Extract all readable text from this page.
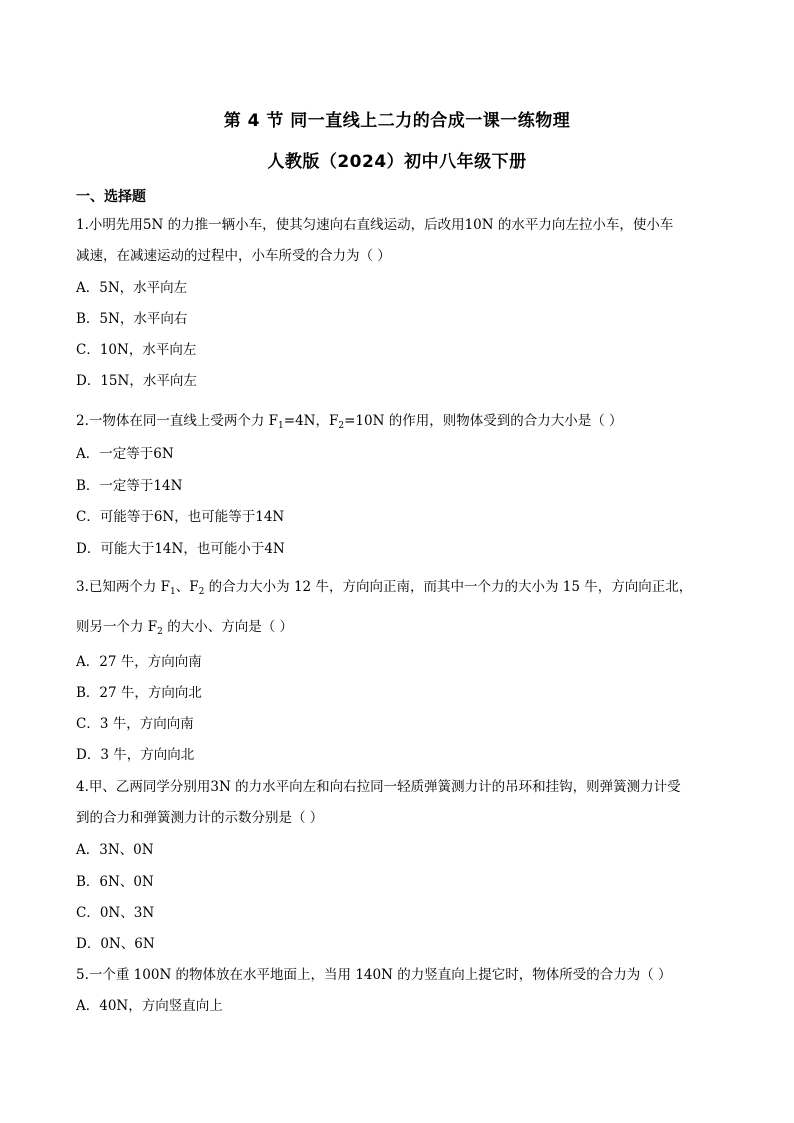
第 4 节 同一直线上二力的合成一课一练物理
人教版（2024）初中八年级下册
一、选择题
1.小明先用5N 的力推一辆小车，使其匀速向右直线运动，后改用10N 的水平力向左拉小车，使小车
减速，在减速运动的过程中，小车所受的合力为（ ）
A．5N，水平向左
B．5N，水平向右
C．10N，水平向左
D．15N，水平向左
2.一物体在同一直线上受两个力 $F_1=4N$，$F_2=10N$ 的作用，则物体受到的合力大小是（ ）
A．一定等于6N
B．一定等于14N
C．可能等于6N，也可能等于14N
D．可能大于14N，也可能小于4N
3.已知两个力 $F_1$、$F_2$ 的合力大小为 12 牛，方向向正南，而其中一个力的大小为 15 牛，方向向正北，
则另一个力 $F_2$ 的大小、方向是（ ）
A．27 牛，方向向南
B．27 牛，方向向北
C．3 牛，方向向南
D．3 牛，方向向北
4.甲、乙两同学分别用3N 的力水平向左和向右拉同一轻质弹簧测力计的吊环和挂钩，则弹簧测力计受
到的合力和弹簧测力计的示数分别是（ ）
A．3N、0N
B．6N、0N
C．0N、3N
D．0N、6N
5.一个重 100N 的物体放在水平地面上，当用 140N 的力竖直向上提它时，物体所受的合力为（ ）
A．40N，方向竖直向上
